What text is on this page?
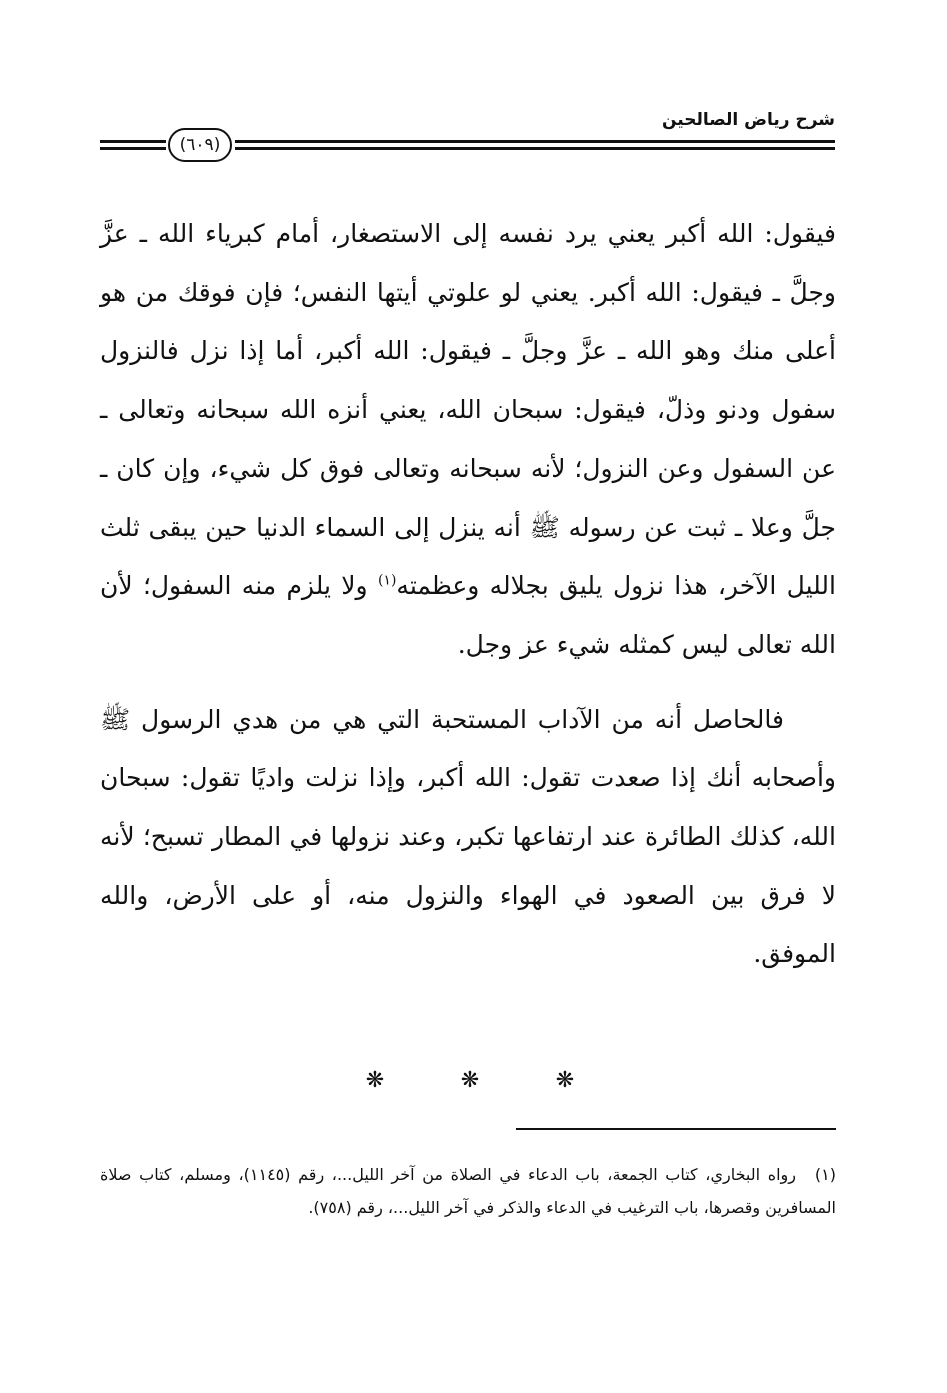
شرح رياض الصالحين
(٦٠٩)

فيقول: الله أكبر يعني يرد نفسه إلى الاستصغار، أمام كبرياء الله ـ عزَّ وجلَّ ـ فيقول: الله أكبر. يعني لو علوتي أيتها النفس؛ فإن فوقك من هو أعلى منك وهو الله ـ عزَّ وجلَّ ـ فيقول: الله أكبر، أما إذا نزل فالنزول سفول ودنو وذلّ، فيقول: سبحان الله، يعني أنزه الله سبحانه وتعالى ـ عن السفول وعن النزول؛ لأنه سبحانه وتعالى فوق كل شيء، وإن كان ـ جلَّ وعلا ـ ثبت عن رسوله ﷺ أنه ينزل إلى السماء الدنيا حين يبقى ثلث الليل الآخر، هذا نزول يليق بجلاله وعظمته$^{(١)}$ ولا يلزم منه السفول؛ لأن الله تعالى ليس كمثله شيء عز وجل.

فالحاصل أنه من الآداب المستحبة التي هي من هدي الرسول ﷺ وأصحابه أنك إذا صعدت تقول: الله أكبر، وإذا نزلت واديًا تقول: سبحان الله، كذلك الطائرة عند ارتفاعها تكبر، وعند نزولها في المطار تسبح؛ لأنه لا فرق بين الصعود في الهواء والنزول منه، أو على الأرض، والله الموفق.

❋
❋
❋
(١)رواه البخاري، كتاب الجمعة، باب الدعاء في الصلاة من آخر الليل...، رقم (١١٤٥)، ومسلم، كتاب صلاة المسافرين وقصرها، باب الترغيب في الدعاء والذكر في آخر الليل...، رقم (٧٥٨).
